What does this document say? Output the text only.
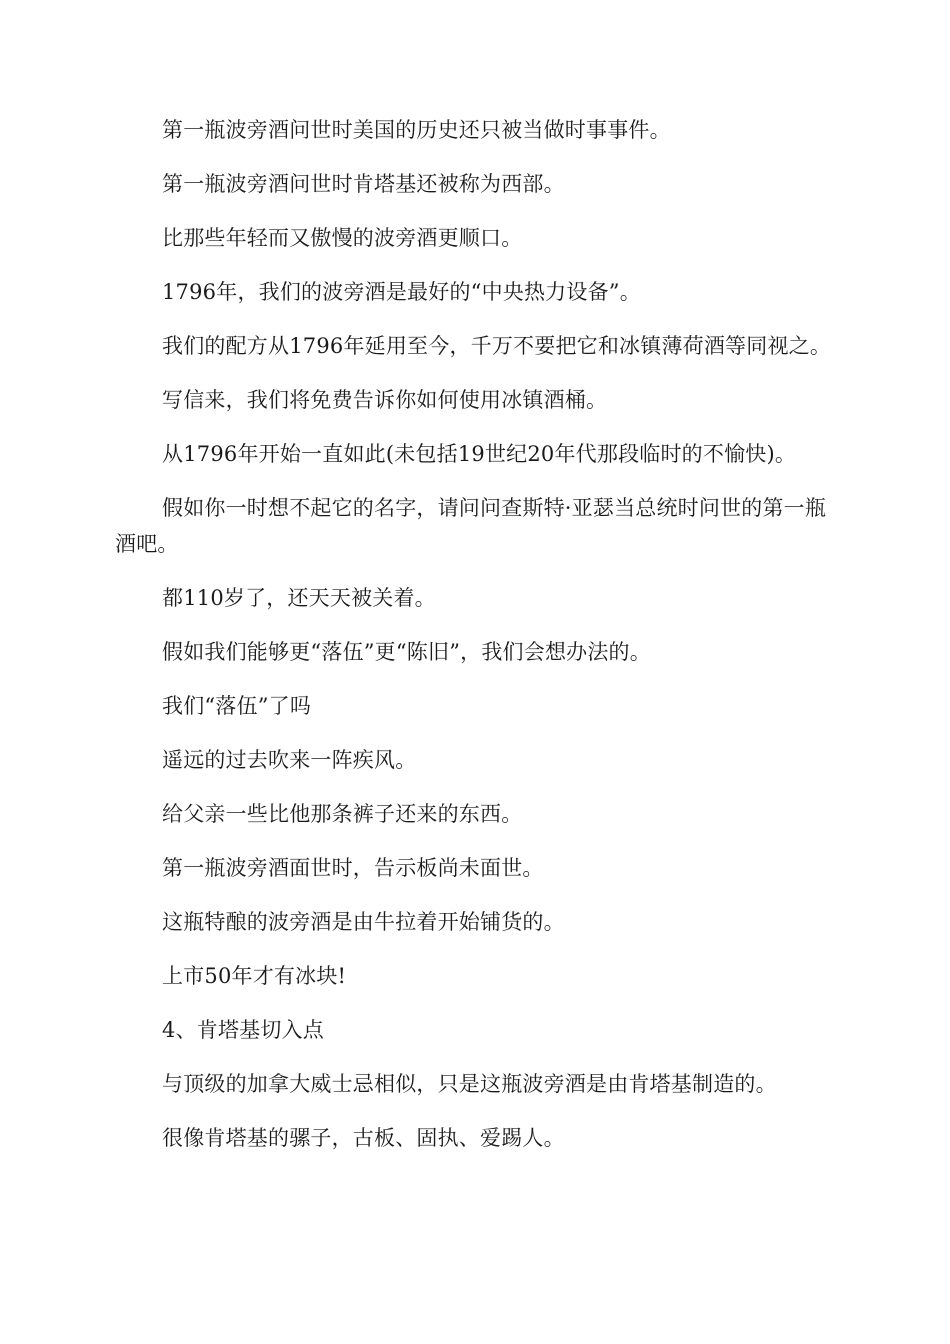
第一瓶波旁酒问世时美国的历史还只被当做时事事件。

第一瓶波旁酒问世时肯塔基还被称为西部。

比那些年轻而又傲慢的波旁酒更顺口。

1796年，我们的波旁酒是最好的“中央热力设备”。

我们的配方从1796年延用至今，千万不要把它和冰镇薄荷酒等同视之。

写信来，我们将免费告诉你如何使用冰镇酒桶。

从1796年开始一直如此(未包括19世纪20年代那段临时的不愉快)。

假如你一时想不起它的名字，请问问查斯特·亚瑟当总统时问世的第一瓶酒吧。

都110岁了，还天天被关着。

假如我们能够更“落伍”更“陈旧”，我们会想办法的。

我们“落伍”了吗

遥远的过去吹来一阵疾风。

给父亲一些比他那条裤子还来的东西。

第一瓶波旁酒面世时，告示板尚未面世。

这瓶特酿的波旁酒是由牛拉着开始铺货的。

上市50年才有冰块!

4、肯塔基切入点

与顶级的加拿大威士忌相似，只是这瓶波旁酒是由肯塔基制造的。

很像肯塔基的骡子，古板、固执、爱踢人。
